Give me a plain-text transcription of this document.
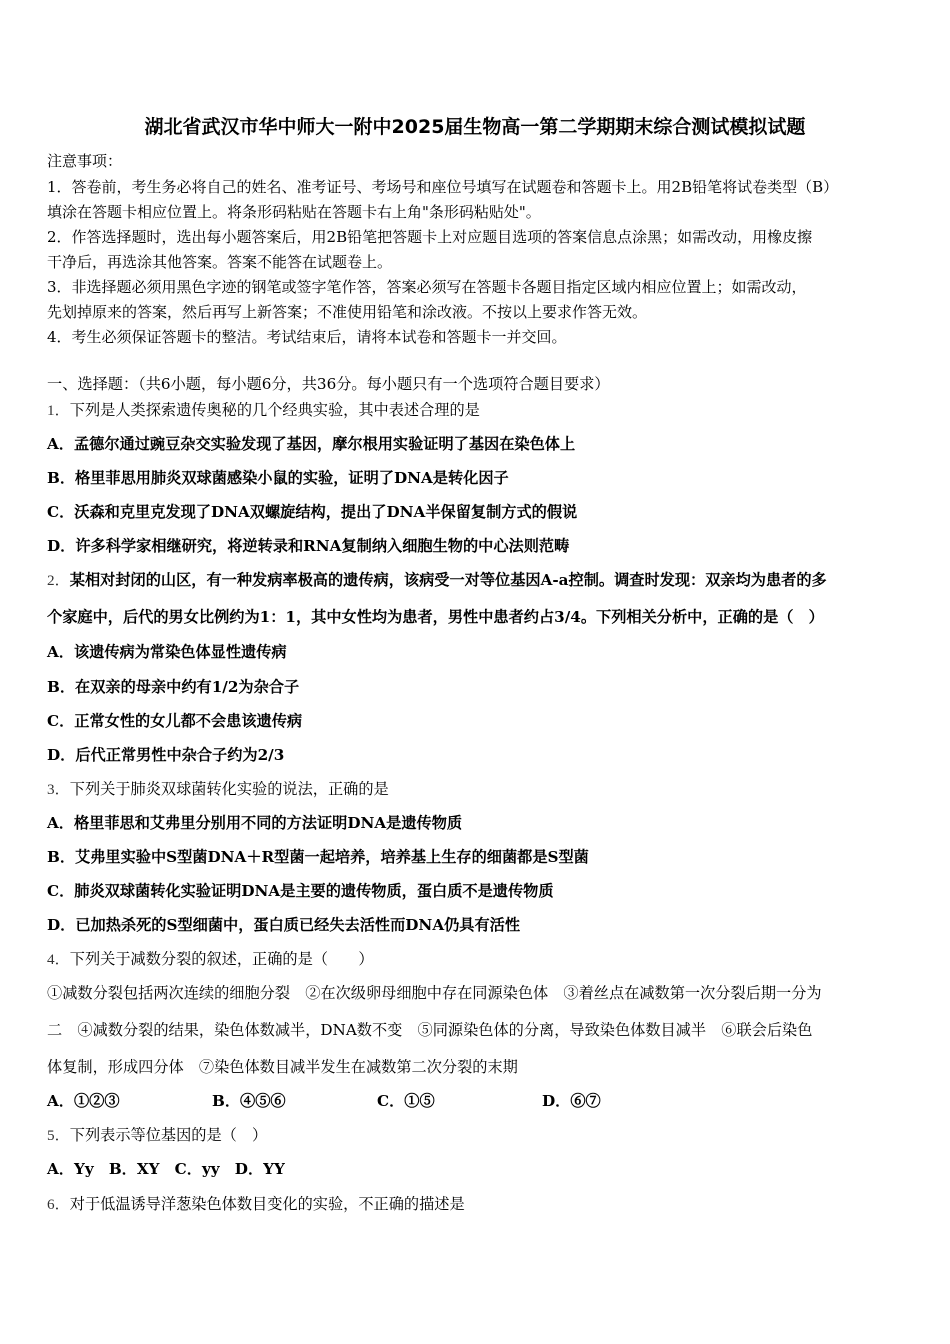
湖北省武汉市华中师大一附中2025届生物高一第二学期期末综合测试模拟试题
注意事项：
1．答卷前，考生务必将自己的姓名、准考证号、考场号和座位号填写在试题卷和答题卡上。用2B铅笔将试卷类型（B）
填涂在答题卡相应位置上。将条形码粘贴在答题卡右上角"条形码粘贴处"。
2．作答选择题时，选出每小题答案后，用2B铅笔把答题卡上对应题目选项的答案信息点涂黑；如需改动，用橡皮擦
干净后，再选涂其他答案。答案不能答在试题卷上。
3．非选择题必须用黑色字迹的钢笔或签字笔作答，答案必须写在答题卡各题目指定区域内相应位置上；如需改动，
先划掉原来的答案，然后再写上新答案；不准使用铅笔和涂改液。不按以上要求作答无效。
4．考生必须保证答题卡的整洁。考试结束后，请将本试卷和答题卡一并交回。
一、选择题：（共6小题，每小题6分，共36分。每小题只有一个选项符合题目要求）
1．下列是人类探索遗传奥秘的几个经典实验，其中表述合理的是
A．孟德尔通过豌豆杂交实验发现了基因，摩尔根用实验证明了基因在染色体上
B．格里菲思用肺炎双球菌感染小鼠的实验，证明了DNA是转化因子
C．沃森和克里克发现了DNA双螺旋结构，提出了DNA半保留复制方式的假说
D．许多科学家相继研究，将逆转录和RNA复制纳入细胞生物的中心法则范畴
2．某相对封闭的山区，有一种发病率极高的遗传病，该病受一对等位基因A-a控制。调查时发现：双亲均为患者的多
个家庭中，后代的男女比例约为1：1，其中女性均为患者，男性中患者约占3/4。下列相关分析中，正确的是（　）
A．该遗传病为常染色体显性遗传病
B．在双亲的母亲中约有1/2为杂合子
C．正常女性的女儿都不会患该遗传病
D．后代正常男性中杂合子约为2/3
3．下列关于肺炎双球菌转化实验的说法，正确的是
A．格里菲思和艾弗里分别用不同的方法证明DNA是遗传物质
B．艾弗里实验中S型菌DNA＋R型菌一起培养，培养基上生存的细菌都是S型菌
C．肺炎双球菌转化实验证明DNA是主要的遗传物质，蛋白质不是遗传物质
D．已加热杀死的S型细菌中，蛋白质已经失去活性而DNA仍具有活性
4．下列关于减数分裂的叙述，正确的是（　　）
①减数分裂包括两次连续的细胞分裂　②在次级卵母细胞中存在同源染色体　③着丝点在减数第一次分裂后期一分为
二　④减数分裂的结果，染色体数减半，DNA数不变　⑤同源染色体的分离，导致染色体数目减半　⑥联会后染色
体复制，形成四分体　⑦染色体数目减半发生在减数第二次分裂的末期
A．①②③	B．④⑤⑥	C．①⑤	D．⑥⑦
5．下列表示等位基因的是（　）
A．Yy　B．XY　C．yy　D．YY
6．对于低温诱导洋葱染色体数目变化的实验，不正确的描述是
